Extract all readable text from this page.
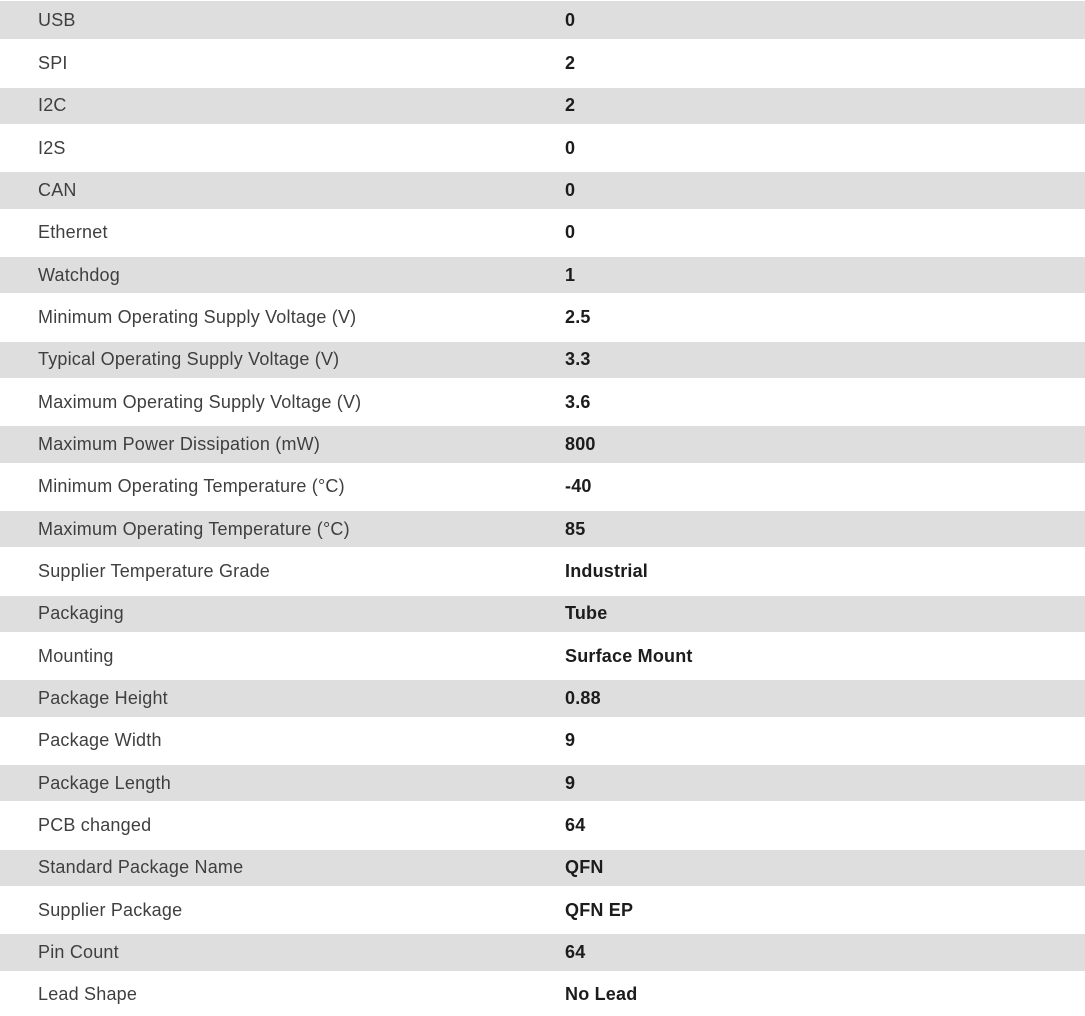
USB	0
SPI	2
I2C	2
I2S	0
CAN	0
Ethernet	0
Watchdog	1
Minimum Operating Supply Voltage (V)	2.5
Typical Operating Supply Voltage (V)	3.3
Maximum Operating Supply Voltage (V)	3.6
Maximum Power Dissipation (mW)	800
Minimum Operating Temperature (°C)	-40
Maximum Operating Temperature (°C)	85
Supplier Temperature Grade	Industrial
Packaging	Tube
Mounting	Surface Mount
Package Height	0.88
Package Width	9
Package Length	9
PCB changed	64
Standard Package Name	QFN
Supplier Package	QFN EP
Pin Count	64
Lead Shape	No Lead
